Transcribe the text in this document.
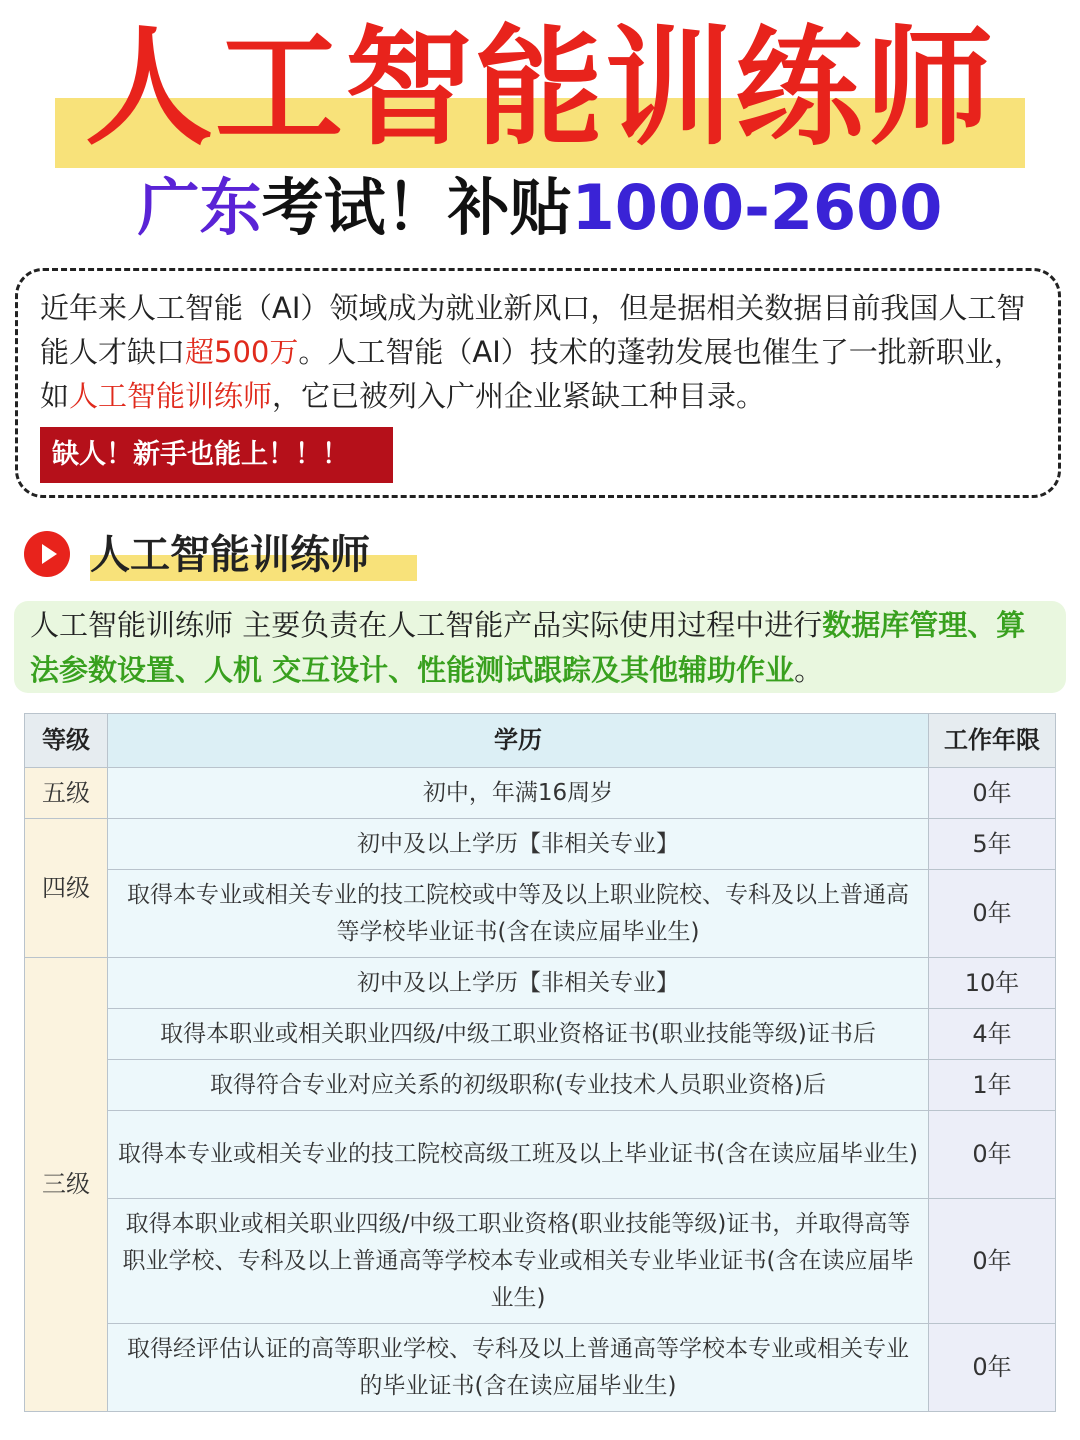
人工智能训练师
广东考试！补贴1000-2600
近年来人工智能（AI）领域成为就业新风口，但是据相关数据目前我国人工智能人才缺口超500万。人工智能（AI）技术的蓬勃发展也催生了一批新职业，如人工智能训练师，它已被列入广州企业紧缺工种目录。
缺人！新手也能上！！！
人工智能训练师
人工智能训练师 主要负责在人工智能产品实际使用过程中进行数据库管理、算法参数设置、人机 交互设计、性能测试跟踪及其他辅助作业。
等级	学历	工作年限
五级	初中，年满16周岁	0年
四级	初中及以上学历【非相关专业】	5年
	取得本专业或相关专业的技工院校或中等及以上职业院校、专科及以上普通高等学校毕业证书(含在读应届毕业生)	0年
三级	初中及以上学历【非相关专业】	10年
	取得本职业或相关职业四级/中级工职业资格证书(职业技能等级)证书后	4年
	取得符合专业对应关系的初级职称(专业技术人员职业资格)后	1年
	取得本专业或相关专业的技工院校高级工班及以上毕业证书(含在读应届毕业生)	0年
	取得本职业或相关职业四级/中级工职业资格(职业技能等级)证书，并取得高等职业学校、专科及以上普通高等学校本专业或相关专业毕业证书(含在读应届毕业生)	0年
	取得经评估认证的高等职业学校、专科及以上普通高等学校本专业或相关专业的毕业证书(含在读应届毕业生)	0年
